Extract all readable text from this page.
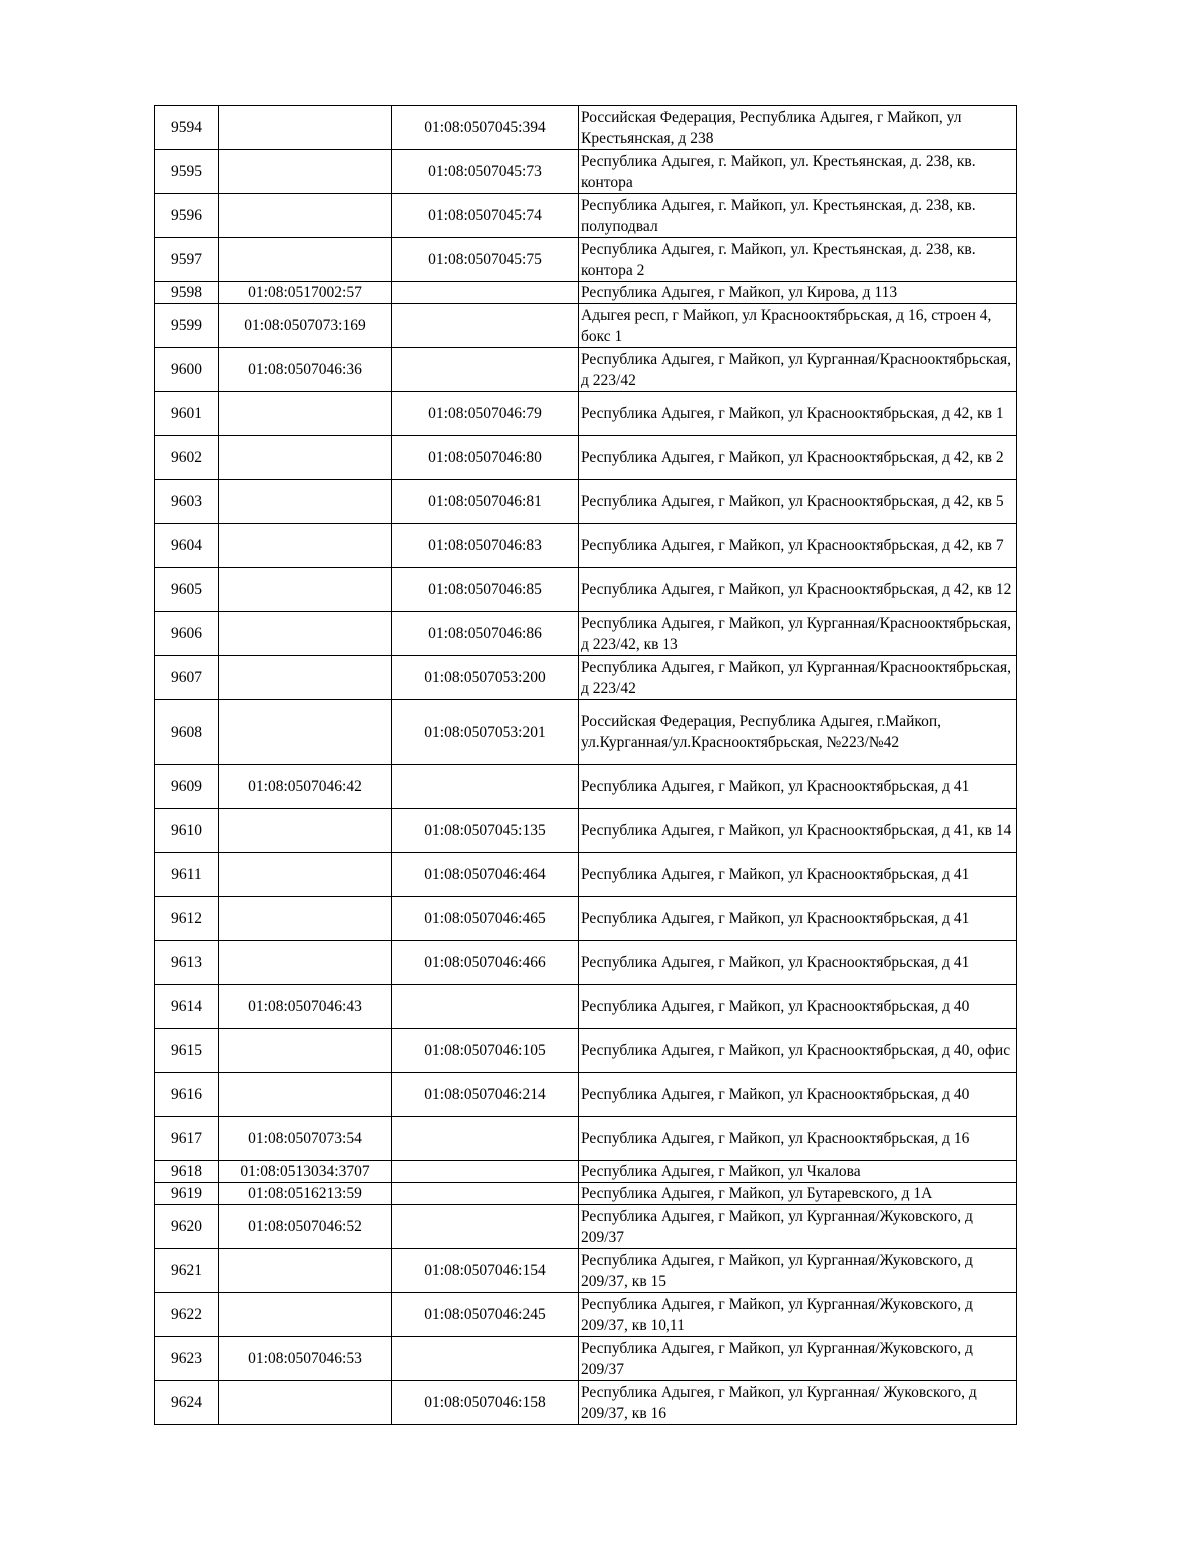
9594		01:08:0507045:394	Российская Федерация, Республика Адыгея, г Майкоп, ул Крестьянская, д 238
9595		01:08:0507045:73	Республика Адыгея, г. Майкоп, ул. Крестьянская, д. 238, кв. контора
9596		01:08:0507045:74	Республика Адыгея, г. Майкоп, ул. Крестьянская, д. 238, кв. полуподвал
9597		01:08:0507045:75	Республика Адыгея, г. Майкоп, ул. Крестьянская, д. 238, кв. контора 2
9598	01:08:0517002:57		Республика Адыгея, г Майкоп, ул Кирова, д 113
9599	01:08:0507073:169		Адыгея респ, г Майкоп, ул Краснооктябрьская, д 16, строен 4, бокс 1
9600	01:08:0507046:36		Республика Адыгея, г Майкоп, ул Курганная/Краснооктябрьская, д 223/42
9601		01:08:0507046:79	Республика Адыгея, г Майкоп, ул Краснооктябрьская, д 42, кв 1
9602		01:08:0507046:80	Республика Адыгея, г Майкоп, ул Краснооктябрьская, д 42, кв 2
9603		01:08:0507046:81	Республика Адыгея, г Майкоп, ул Краснооктябрьская, д 42, кв 5
9604		01:08:0507046:83	Республика Адыгея, г Майкоп, ул Краснооктябрьская, д 42, кв 7
9605		01:08:0507046:85	Республика Адыгея, г Майкоп, ул Краснооктябрьская, д 42, кв 12
9606		01:08:0507046:86	Республика Адыгея, г Майкоп, ул Курганная/Краснооктябрьская, д 223/42, кв 13
9607		01:08:0507053:200	Республика Адыгея, г Майкоп, ул Курганная/Краснооктябрьская, д 223/42
9608		01:08:0507053:201	Российская Федерация, Республика Адыгея, г.Майкоп, ул.Курганная/ул.Краснооктябрьская, №223/№42
9609	01:08:0507046:42		Республика Адыгея, г Майкоп, ул Краснооктябрьская, д 41
9610		01:08:0507045:135	Республика Адыгея, г Майкоп, ул Краснооктябрьская, д 41, кв 14
9611		01:08:0507046:464	Республика Адыгея, г Майкоп, ул Краснооктябрьская, д 41
9612		01:08:0507046:465	Республика Адыгея, г Майкоп, ул Краснооктябрьская, д 41
9613		01:08:0507046:466	Республика Адыгея, г Майкоп, ул Краснооктябрьская, д 41
9614	01:08:0507046:43		Республика Адыгея, г Майкоп, ул Краснооктябрьская, д 40
9615		01:08:0507046:105	Республика Адыгея, г Майкоп, ул Краснооктябрьская, д 40, офис
9616		01:08:0507046:214	Республика Адыгея, г Майкоп, ул Краснооктябрьская, д 40
9617	01:08:0507073:54		Республика Адыгея, г Майкоп, ул Краснооктябрьская, д 16
9618	01:08:0513034:3707		Республика Адыгея, г Майкоп, ул Чкалова
9619	01:08:0516213:59		Республика Адыгея, г Майкоп, ул Бутаревского, д 1А
9620	01:08:0507046:52		Республика Адыгея, г Майкоп, ул Курганная/Жуковского, д 209/37
9621		01:08:0507046:154	Республика Адыгея, г Майкоп, ул Курганная/Жуковского, д 209/37, кв 15
9622		01:08:0507046:245	Республика Адыгея, г Майкоп, ул Курганная/Жуковского, д 209/37, кв 10,11
9623	01:08:0507046:53		Республика Адыгея, г Майкоп, ул Курганная/Жуковского, д 209/37
9624		01:08:0507046:158	Республика Адыгея, г Майкоп, ул Курганная/ Жуковского, д 209/37, кв 16
